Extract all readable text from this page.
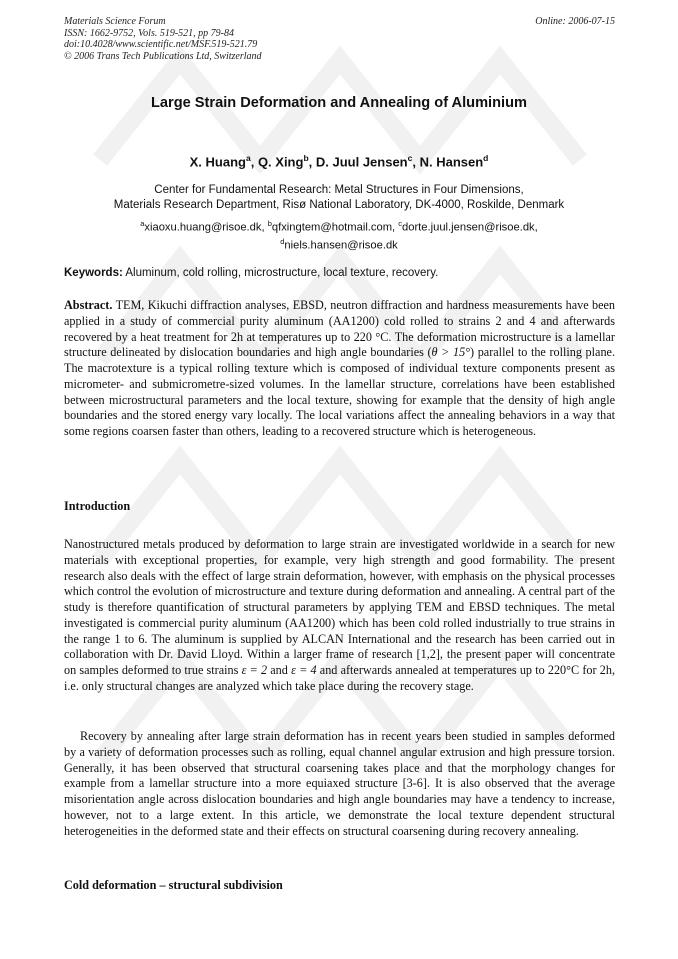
Materials Science Forum
ISSN: 1662-9752, Vols. 519-521, pp 79-84
doi:10.4028/www.scientific.net/MSF.519-521.79
© 2006 Trans Tech Publications Ltd, Switzerland
Online: 2006-07-15
Large Strain Deformation and Annealing of Aluminium
X. Huang$^a$, Q. Xing$^b$, D. Juul Jensen$^c$, N. Hansen$^d$
Center for Fundamental Research: Metal Structures in Four Dimensions,
Materials Research Department, Risø National Laboratory, DK-4000, Roskilde, Denmark
$^a$xiaoxu.huang@risoe.dk, $^b$qfxingtem@hotmail.com, $^c$dorte.juul.jensen@risoe.dk,
$^d$niels.hansen@risoe.dk
Keywords: Aluminum, cold rolling, microstructure, local texture, recovery.
Abstract. TEM, Kikuchi diffraction analyses, EBSD, neutron diffraction and hardness measurements have been applied in a study of commercial purity aluminum (AA1200) cold rolled to strains 2 and 4 and afterwards recovered by a heat treatment for 2h at temperatures up to 220 °C. The deformation microstructure is a lamellar structure delineated by dislocation boundaries and high angle boundaries (θ > 15°) parallel to the rolling plane. The macrotexture is a typical rolling texture which is composed of individual texture components present as micrometer- and submicrometre-sized volumes. In the lamellar structure, correlations have been established between microstructural parameters and the local texture, showing for example that the density of high angle boundaries and the stored energy vary locally. The local variations affect the annealing behaviors in a way that some regions coarsen faster than others, leading to a recovered structure which is heterogeneous.
Introduction
Nanostructured metals produced by deformation to large strain are investigated worldwide in a search for new materials with exceptional properties, for example, very high strength and good formability. The present research also deals with the effect of large strain deformation, however, with emphasis on the physical processes which control the evolution of microstructure and texture during deformation and annealing. A central part of the study is therefore quantification of structural parameters by applying TEM and EBSD techniques. The metal investigated is commercial purity aluminum (AA1200) which has been cold rolled industrially to true strains in the range 1 to 6. The aluminum is supplied by ALCAN International and the research has been carried out in collaboration with Dr. David Lloyd. Within a larger frame of research [1,2], the present paper will concentrate on samples deformed to true strains ε = 2 and ε = 4 and afterwards annealed at temperatures up to 220°C for 2h, i.e. only structural changes are analyzed which take place during the recovery stage.
Recovery by annealing after large strain deformation has in recent years been studied in samples deformed by a variety of deformation processes such as rolling, equal channel angular extrusion and high pressure torsion. Generally, it has been observed that structural coarsening takes place and that the morphology changes for example from a lamellar structure into a more equiaxed structure [3-6]. It is also observed that the average misorientation angle across dislocation boundaries and high angle boundaries may have a tendency to increase, however, not to a large extent. In this article, we demonstrate the local texture dependent structural heterogeneities in the deformed state and their effects on structural coarsening during recovery annealing.
Cold deformation – structural subdivision
